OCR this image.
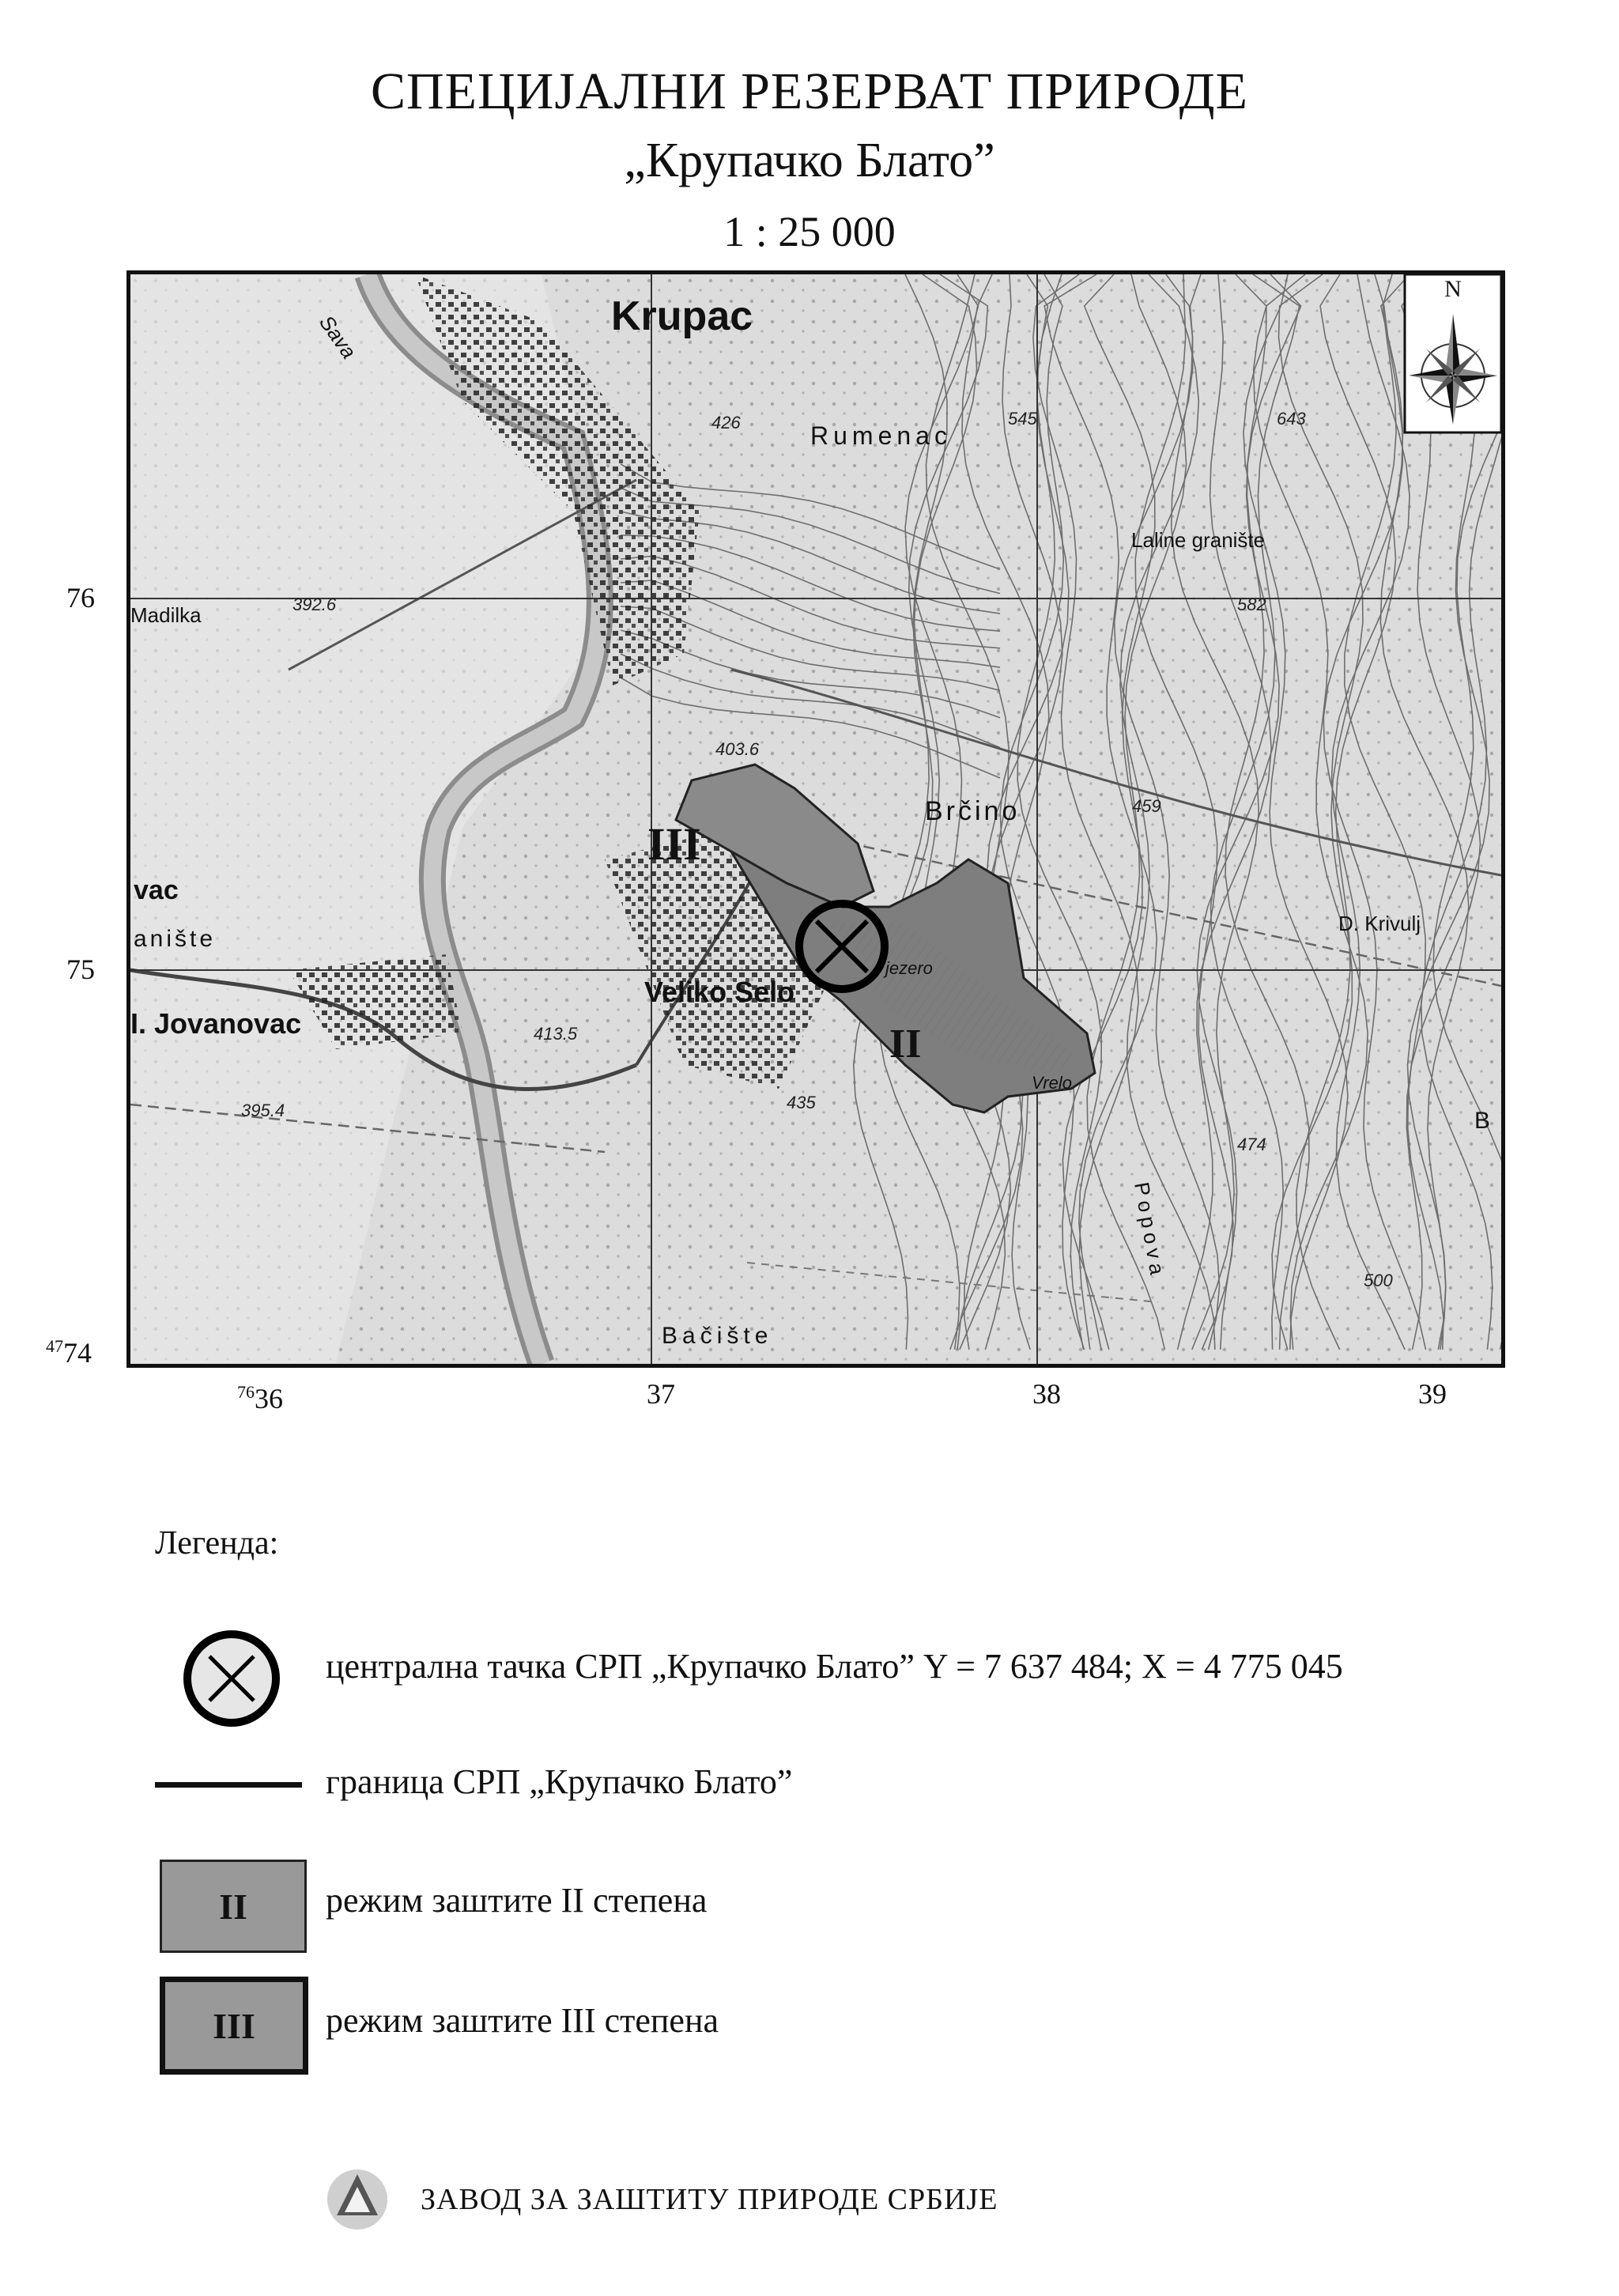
СПЕЦИЈАЛНИ РЕЗЕРВАТ ПРИРОДЕ
„Крупачко Блато”
1 : 25 000
III
II
Krupac
Rumenac
Laline granište
Madilka
vac
anište
I. Jovanovac
Veliko Selo
Brčino
D. Krivulj
Bačište
jezero
Vrelo
Popova
B
Sava
426	545	643
582
392.6
403.6
459
413.5
435
395.4
474
500
N
$^{76}$36	37	38	39
76
75
$^{47}$74
Легенда:
централна тачка СРП „Крупачко Блато” Y = 7 637 484; X = 4 775 045
граница СРП „Крупачко Блато”
II	режим заштите II степена
III	режим заштите III степена
ЗАВОД ЗА ЗАШТИТУ ПРИРОДЕ СРБИЈЕ
